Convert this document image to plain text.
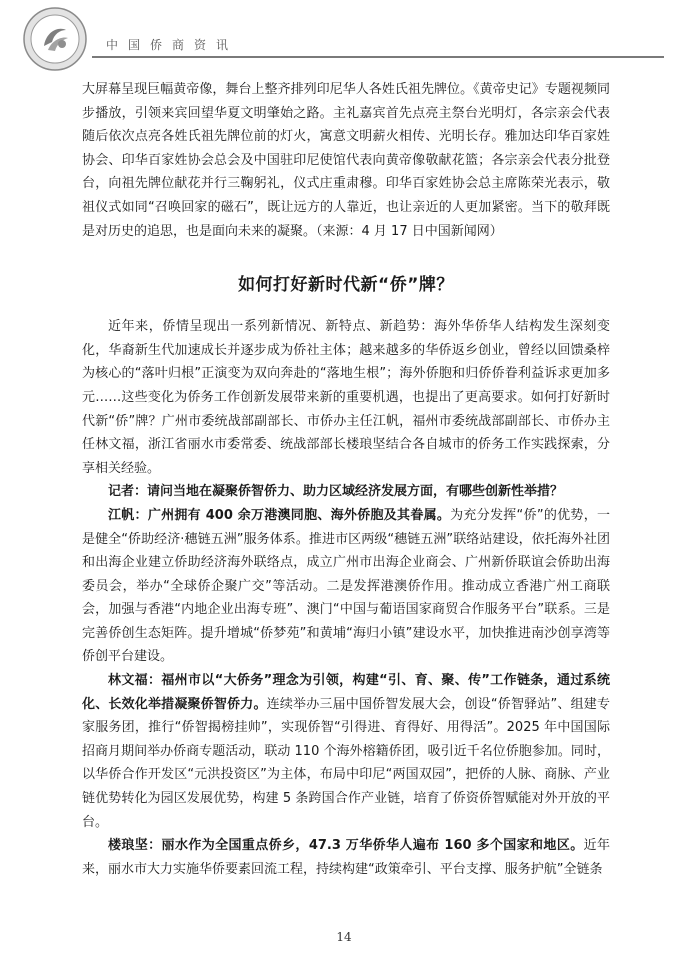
中国侨商资讯

大屏幕呈现巨幅黄帝像，舞台上整齐排列印尼华人各姓氏祖先牌位。《黄帝史记》专题视频同步播放，引领来宾回望华夏文明肇始之路。主礼嘉宾首先点亮主祭台光明灯，各宗亲会代表随后依次点亮各姓氏祖先牌位前的灯火，寓意文明薪火相传、光明长存。雅加达印华百家姓协会、印华百家姓协会总会及中国驻印尼使馆代表向黄帝像敬献花篮；各宗亲会代表分批登台，向祖先牌位献花并行三鞠躬礼，仪式庄重肃穆。印华百家姓协会总主席陈荣光表示，敬祖仪式如同“召唤回家的磁石”，既让远方的人靠近，也让亲近的人更加紧密。当下的敬拜既是对历史的追思，也是面向未来的凝聚。（来源：4 月 17 日中国新闻网）

如何打好新时代新“侨”牌？

近年来，侨情呈现出一系列新情况、新特点、新趋势：海外华侨华人结构发生深刻变化，华裔新生代加速成长并逐步成为侨社主体；越来越多的华侨返乡创业，曾经以回馈桑梓为核心的“落叶归根”正演变为双向奔赴的“落地生根”；海外侨胞和归侨侨眷利益诉求更加多元……这些变化为侨务工作创新发展带来新的重要机遇，也提出了更高要求。如何打好新时代新“侨”牌？广州市委统战部副部长、市侨办主任江帆，福州市委统战部副部长、市侨办主任林文福，浙江省丽水市委常委、统战部部长楼琅坚结合各自城市的侨务工作实践探索，分享相关经验。

记者：请问当地在凝聚侨智侨力、助力区域经济发展方面，有哪些创新性举措？

江帆：广州拥有 400 余万港澳同胞、海外侨胞及其眷属。为充分发挥“侨”的优势，一是健全“侨助经济·穗链五洲”服务体系。推进市区两级“穗链五洲”联络站建设，依托海外社团和出海企业建立侨助经济海外联络点，成立广州市出海企业商会、广州新侨联谊会侨助出海委员会，举办“全球侨企聚广交”等活动。二是发挥港澳侨作用。推动成立香港广州工商联会，加强与香港“内地企业出海专班”、澳门“中国与葡语国家商贸合作服务平台”联系。三是完善侨创生态矩阵。提升增城“侨梦苑”和黄埔“海归小镇”建设水平，加快推进南沙创享湾等侨创平台建设。

林文福：福州市以“大侨务”理念为引领，构建“引、育、聚、传”工作链条，通过系统化、长效化举措凝聚侨智侨力。连续举办三届中国侨智发展大会，创设“侨智驿站”、组建专家服务团，推行“侨智揭榜挂帅”，实现侨智“引得进、育得好、用得活”。2025 年中国国际招商月期间举办侨商专题活动，联动 110 个海外榕籍侨团，吸引近千名位侨胞参加。同时，以华侨合作开发区“元洪投资区”为主体，布局中印尼“两国双园”，把侨的人脉、商脉、产业链优势转化为园区发展优势，构建 5 条跨国合作产业链，培育了侨资侨智赋能对外开放的平台。

楼琅坚：丽水作为全国重点侨乡，47.3 万华侨华人遍布 160 多个国家和地区。近年来，丽水市大力实施华侨要素回流工程，持续构建“政策牵引、平台支撑、服务护航”全链条

14
